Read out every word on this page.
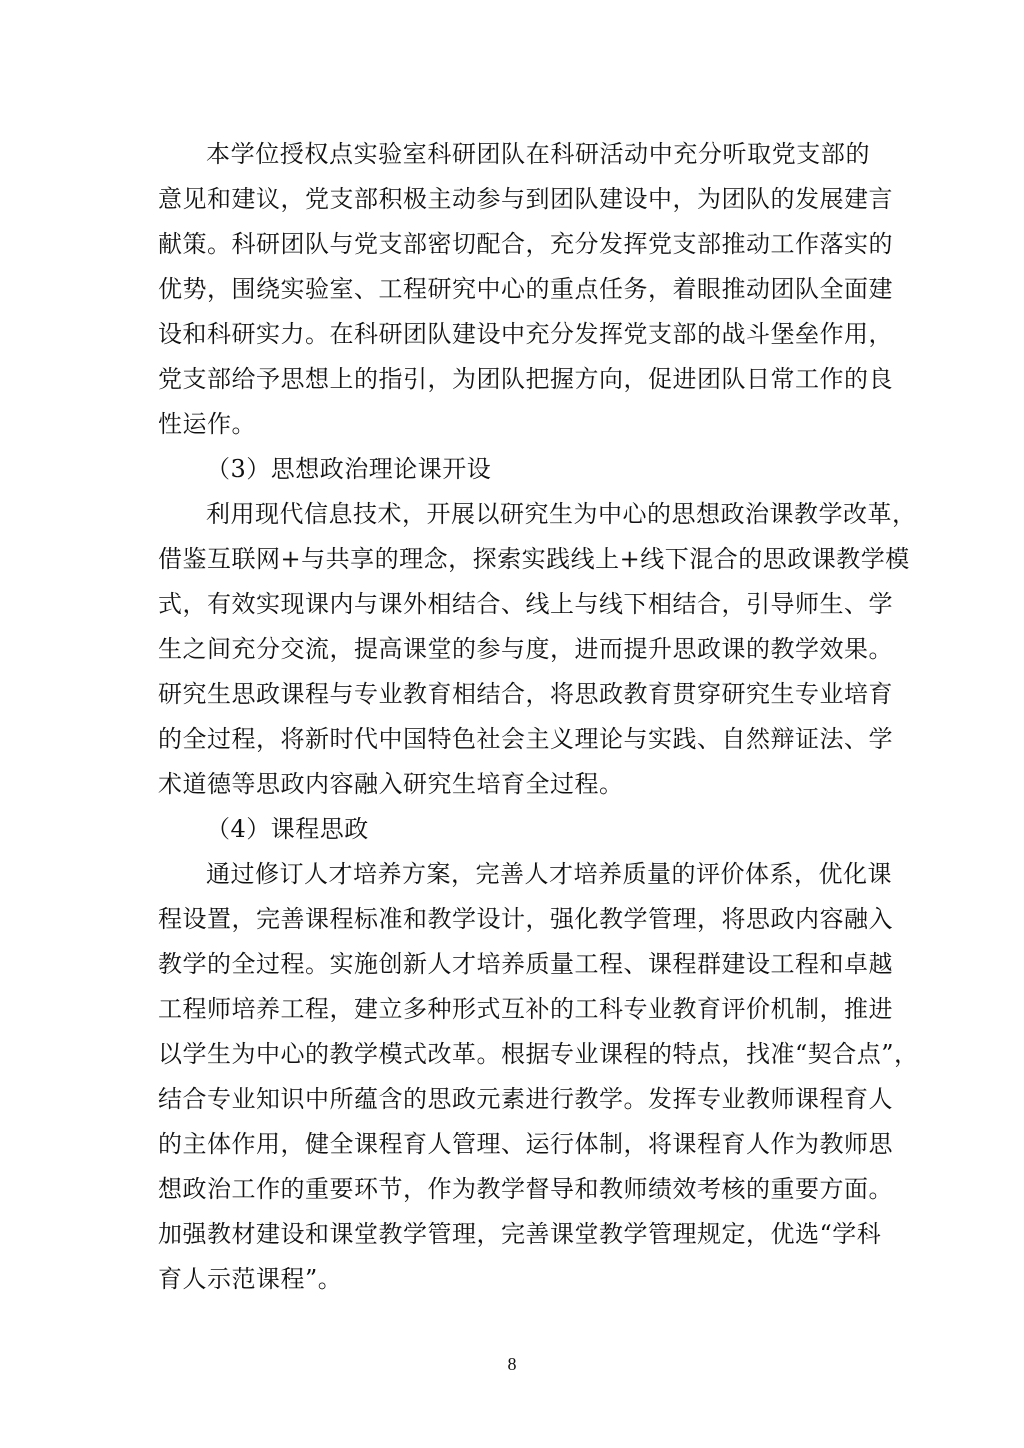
本学位授权点实验室科研团队在科研活动中充分听取党支部的
意见和建议，党支部积极主动参与到团队建设中，为团队的发展建言
献策。科研团队与党支部密切配合，充分发挥党支部推动工作落实的
优势，围绕实验室、工程研究中心的重点任务，着眼推动团队全面建
设和科研实力。在科研团队建设中充分发挥党支部的战斗堡垒作用，
党支部给予思想上的指引，为团队把握方向，促进团队日常工作的良
性运作。
（3）思想政治理论课开设
利用现代信息技术，开展以研究生为中心的思想政治课教学改革，
借鉴互联网+与共享的理念，探索实践线上+线下混合的思政课教学模
式，有效实现课内与课外相结合、线上与线下相结合，引导师生、学
生之间充分交流，提高课堂的参与度，进而提升思政课的教学效果。
研究生思政课程与专业教育相结合，将思政教育贯穿研究生专业培育
的全过程，将新时代中国特色社会主义理论与实践、自然辩证法、学
术道德等思政内容融入研究生培育全过程。
（4）课程思政
通过修订人才培养方案，完善人才培养质量的评价体系，优化课
程设置，完善课程标准和教学设计，强化教学管理，将思政内容融入
教学的全过程。实施创新人才培养质量工程、课程群建设工程和卓越
工程师培养工程，建立多种形式互补的工科专业教育评价机制，推进
以学生为中心的教学模式改革。根据专业课程的特点，找准“契合点”，
结合专业知识中所蕴含的思政元素进行教学。发挥专业教师课程育人
的主体作用，健全课程育人管理、运行体制，将课程育人作为教师思
想政治工作的重要环节，作为教学督导和教师绩效考核的重要方面。
加强教材建设和课堂教学管理，完善课堂教学管理规定，优选“学科
育人示范课程”。
8
